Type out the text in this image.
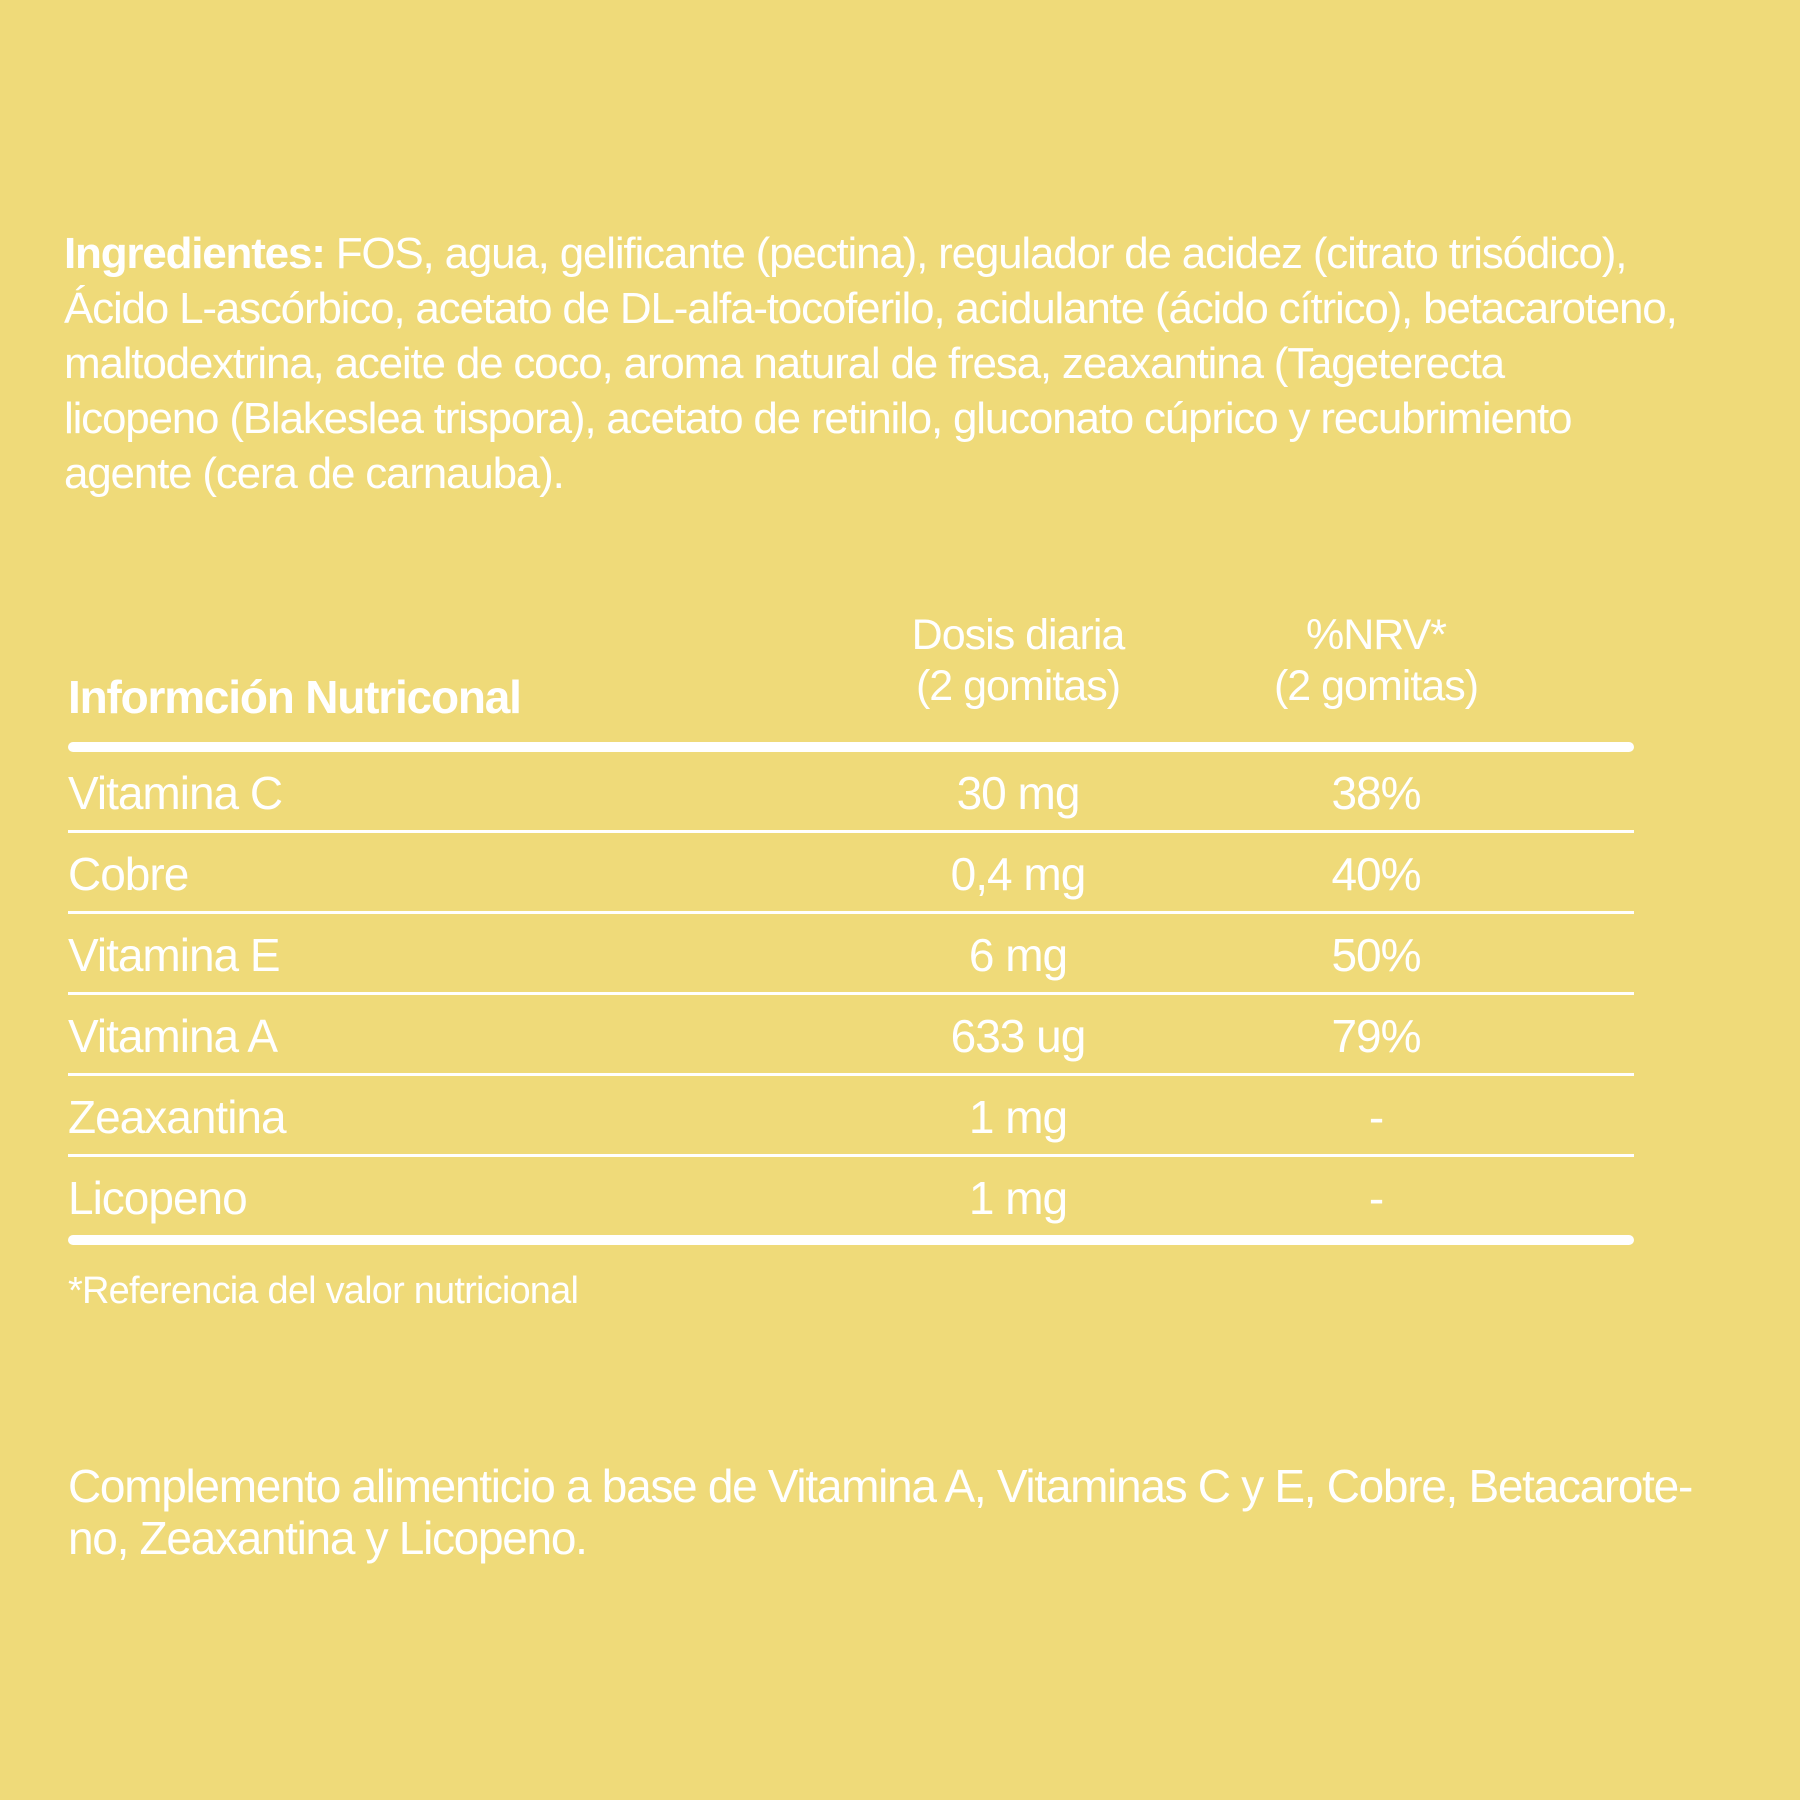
Ingredientes: FOS, agua, gelificante (pectina), regulador de acidez (citrato trisódico),
Ácido L-ascórbico, acetato de DL-alfa-tocoferilo, acidulante (ácido cítrico), betacaroteno,
maltodextrina, aceite de coco, aroma natural de fresa, zeaxantina (Tageterecta
licopeno (Blakeslea trispora), acetato de retinilo, gluconato cúprico y recubrimiento
agente (cera de carnauba).
Informción Nutriconal
Dosis diaria
(2 gomitas)
%NRV*
(2 gomitas)
Vitamina C	30 mg	38%
Cobre	0,4 mg	40%
Vitamina E	6 mg	50%
Vitamina A	633 ug	79%
Zeaxantina	1 mg	-
Licopeno	1 mg	-
*Referencia del valor nutricional
Complemento alimenticio a base de Vitamina A, Vitaminas C y E, Cobre, Betacarote-
no, Zeaxantina y Licopeno.
